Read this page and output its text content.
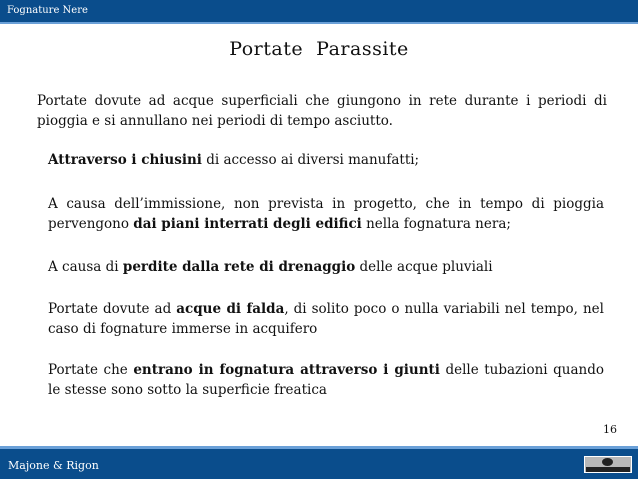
Fognature Nere
Portate  Parassite
Portate dovute ad acque superficiali che giungono in rete durante i periodi di pioggia e si annullano nei periodi di tempo asciutto.
Attraverso i chiusini di accesso ai diversi manufatti;
A causa dell’immissione, non prevista in progetto, che in tempo di pioggia pervengono dai piani interrati degli edifici nella fognatura nera;
A causa di perdite dalla rete di drenaggio delle acque pluviali
Portate dovute ad acque di falda, di solito poco o nulla variabili nel tempo, nel caso di fognature immerse in acquifero
Portate che entrano in fognatura attraverso i giunti delle tubazioni quando le stesse sono sotto la superficie freatica
16
Majone & Rigon
